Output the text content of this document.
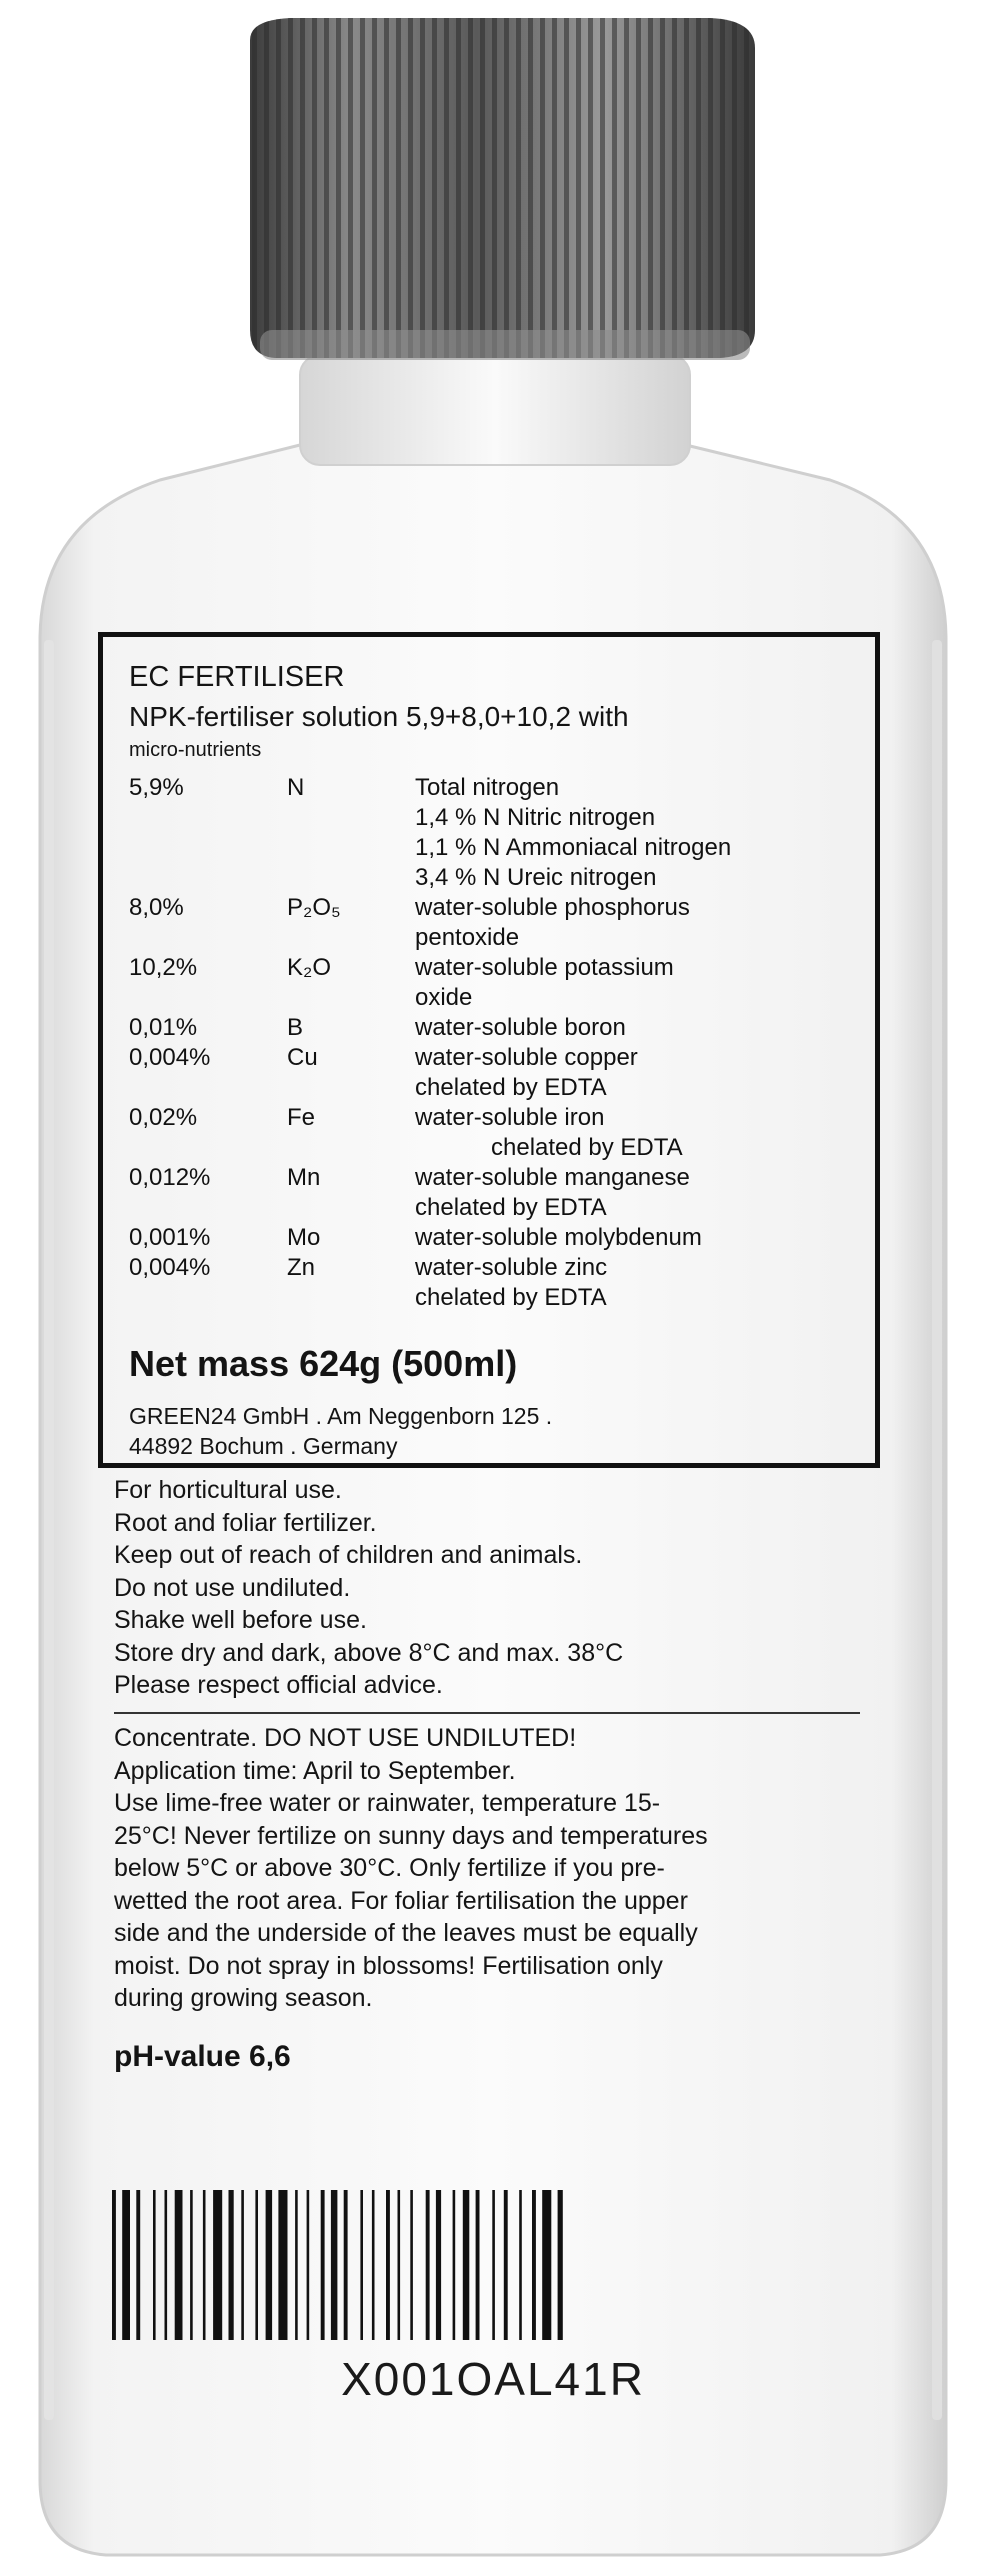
EC FERTILISER
NPK-fertiliser solution 5,9+8,0+10,2 with
micro-nutrients
5,9%	N	Total nitrogen
1,4 % N Nitric nitrogen
1,1 % N Ammoniacal nitrogen
3,4 % N Ureic nitrogen
8,0%	P₂O₅	water-soluble phosphorus
pentoxide
10,2%	K₂O	water-soluble potassium
oxide
0,01%	B	water-soluble boron
0,004%	Cu	water-soluble copper
chelated by EDTA
0,02%	Fe	water-soluble iron
chelated by EDTA
0,012%	Mn	water-soluble manganese
chelated by EDTA
0,001%	Mo	water-soluble molybdenum
0,004%	Zn	water-soluble zinc
chelated by EDTA
Net mass 624g (500ml)
GREEN24 GmbH . Am Neggenborn 125 .
44892 Bochum . Germany
For horticultural use.
Root and foliar fertilizer.
Keep out of reach of children and animals.
Do not use undiluted.
Shake well before use.
Store dry and dark, above 8°C and max. 38°C
Please respect official advice.
Concentrate. DO NOT USE UNDILUTED!
Application time: April to September.
Use lime-free water or rainwater, temperature 15-
25°C! Never fertilize on sunny days and temperatures
below 5°C or above 30°C. Only fertilize if you pre-
wetted the root area. For foliar fertilisation the upper
side and the underside of the leaves must be equally
moist. Do not spray in blossoms! Fertilisation only
during growing season.
pH-value 6,6
X001OAL41R
